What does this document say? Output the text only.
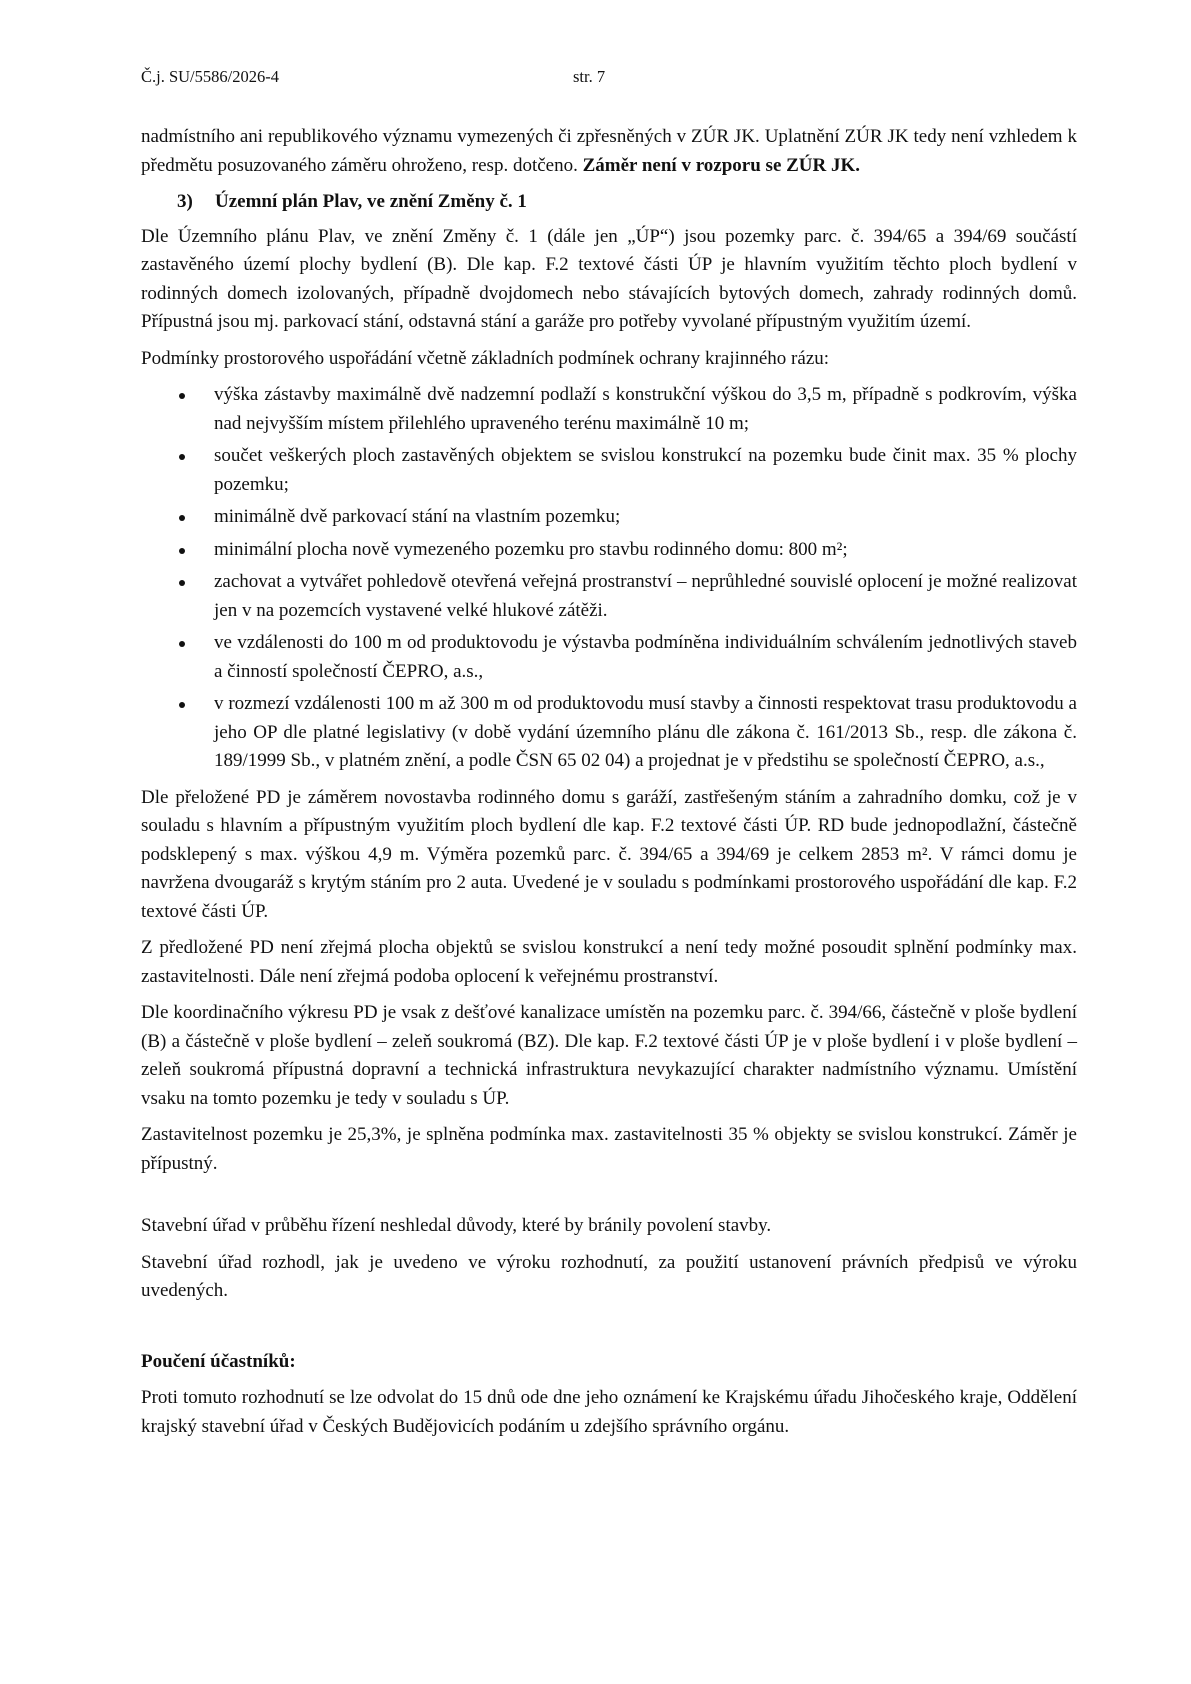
Č.j. SU/5586/2026-4	str. 7

nadmístního ani republikového významu vymezených či zpřesněných v ZÚR JK. Uplatnění ZÚR JK tedy není vzhledem k předmětu posuzovaného záměru ohroženo, resp. dotčeno. Záměr není v rozporu se ZÚR JK.

3) Územní plán Plav, ve znění Změny č. 1

Dle Územního plánu Plav, ve znění Změny č. 1 (dále jen „ÚP“) jsou pozemky parc. č. 394/65 a 394/69 součástí zastavěného území plochy bydlení (B). Dle kap. F.2 textové části ÚP je hlavním využitím těchto ploch bydlení v rodinných domech izolovaných, případně dvojdomech nebo stávajících bytových domech, zahrady rodinných domů. Přípustná jsou mj. parkovací stání, odstavná stání a garáže pro potřeby vyvolané přípustným využitím území.

Podmínky prostorového uspořádání včetně základních podmínek ochrany krajinného rázu:

výška zástavby maximálně dvě nadzemní podlaží s konstrukční výškou do 3,5 m, případně s podkrovím, výška nad nejvyšším místem přilehlého upraveného terénu maximálně 10 m;
součet veškerých ploch zastavěných objektem se svislou konstrukcí na pozemku bude činit max. 35 % plochy pozemku;
minimálně dvě parkovací stání na vlastním pozemku;
minimální plocha nově vymezeného pozemku pro stavbu rodinného domu: 800 m²;
zachovat a vytvářet pohledově otevřená veřejná prostranství – neprůhledné souvislé oplocení je možné realizovat jen v na pozemcích vystavené velké hlukové zátěži.
ve vzdálenosti do 100 m od produktovodu je výstavba podmíněna individuálním schválením jednotlivých staveb a činností společností ČEPRO, a.s.,
v rozmezí vzdálenosti 100 m až 300 m od produktovodu musí stavby a činnosti respektovat trasu produktovodu a jeho OP dle platné legislativy (v době vydání územního plánu dle zákona č. 161/2013 Sb., resp. dle zákona č. 189/1999 Sb., v platném znění, a podle ČSN 65 02 04) a projednat je v předstihu se společností ČEPRO, a.s.,

Dle přeložené PD je záměrem novostavba rodinného domu s garáží, zastřešeným stáním a zahradního domku, což je v souladu s hlavním a přípustným využitím ploch bydlení dle kap. F.2 textové části ÚP. RD bude jednopodlažní, částečně podsklepený s max. výškou 4,9 m. Výměra pozemků parc. č. 394/65 a 394/69 je celkem 2853 m². V rámci domu je navržena dvougaráž s krytým stáním pro 2 auta. Uvedené je v souladu s podmínkami prostorového uspořádání dle kap. F.2 textové části ÚP.

Z předložené PD není zřejmá plocha objektů se svislou konstrukcí a není tedy možné posoudit splnění podmínky max. zastavitelnosti. Dále není zřejmá podoba oplocení k veřejnému prostranství.

Dle koordinačního výkresu PD je vsak z dešťové kanalizace umístěn na pozemku parc. č. 394/66, částečně v ploše bydlení (B) a částečně v ploše bydlení – zeleň soukromá (BZ). Dle kap. F.2 textové části ÚP je v ploše bydlení i v ploše bydlení – zeleň soukromá přípustná dopravní a technická infrastruktura nevykazující charakter nadmístního významu. Umístění vsaku na tomto pozemku je tedy v souladu s ÚP.

Zastavitelnost pozemku je 25,3%, je splněna podmínka max. zastavitelnosti 35 % objekty se svislou konstrukcí. Záměr je přípustný.

Stavební úřad v průběhu řízení neshledal důvody, které by bránily povolení stavby.

Stavební úřad rozhodl, jak je uvedeno ve výroku rozhodnutí, za použití ustanovení právních předpisů ve výroku uvedených.

Poučení účastníků:

Proti tomuto rozhodnutí se lze odvolat do 15 dnů ode dne jeho oznámení ke Krajskému úřadu Jihočeského kraje, Oddělení krajský stavební úřad v Českých Budějovicích podáním u zdejšího správního orgánu.
